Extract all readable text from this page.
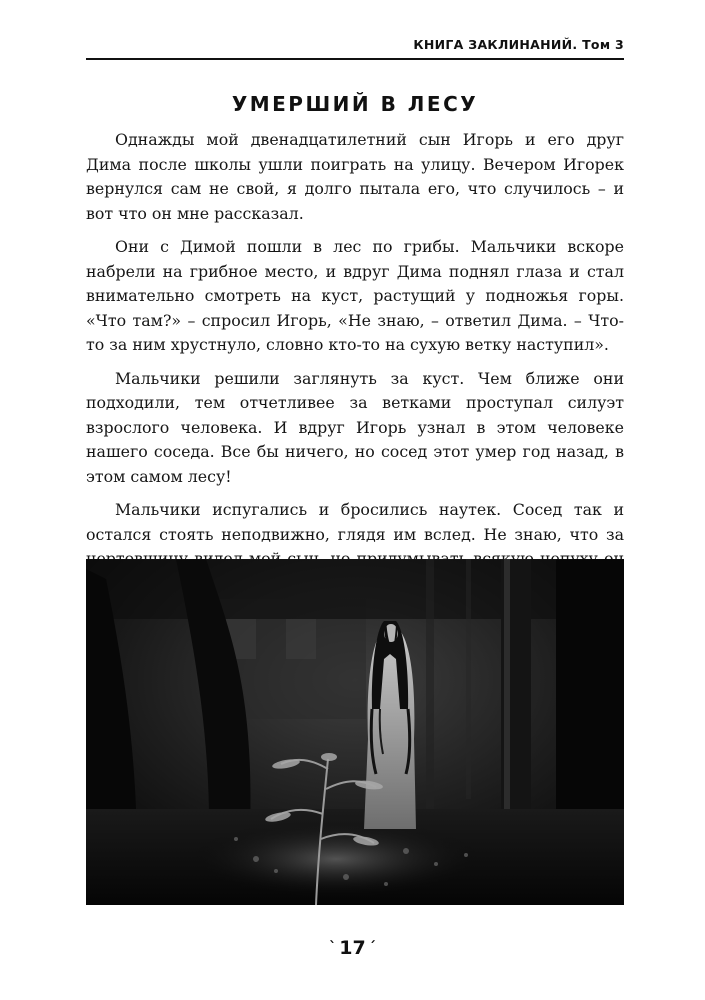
КНИГА ЗАКЛИНАНИЙ. Том 3
УМЕРШИЙ В ЛЕСУ

Однажды мой двенадцатилетний сын Игорь и его друг Дима после школы ушли поиграть на улицу. Вечером Игорек вернулся сам не свой, я долго пытала его, что случилось – и вот что он мне рассказал.

Они с Димой пошли в лес по грибы. Мальчики вскоре набрели на грибное место, и вдруг Дима поднял глаза и стал внимательно смотреть на куст, растущий у подножья горы. «Что там?» – спросил Игорь, «Не знаю, – ответил Дима. – Что-то за ним хрустнуло, словно кто-то на сухую ветку наступил».

Мальчики решили заглянуть за куст. Чем ближе они подходили, тем отчетливее за ветками проступал силуэт взрослого человека. И вдруг Игорь узнал в этом человеке нашего соседа. Все бы ничего, но сосед этот умер год назад, в этом самом лесу!

Мальчики испугались и бросились наутек. Сосед так и остался стоять неподвижно, глядя им вслед. Не знаю, что за

` 17 ´
